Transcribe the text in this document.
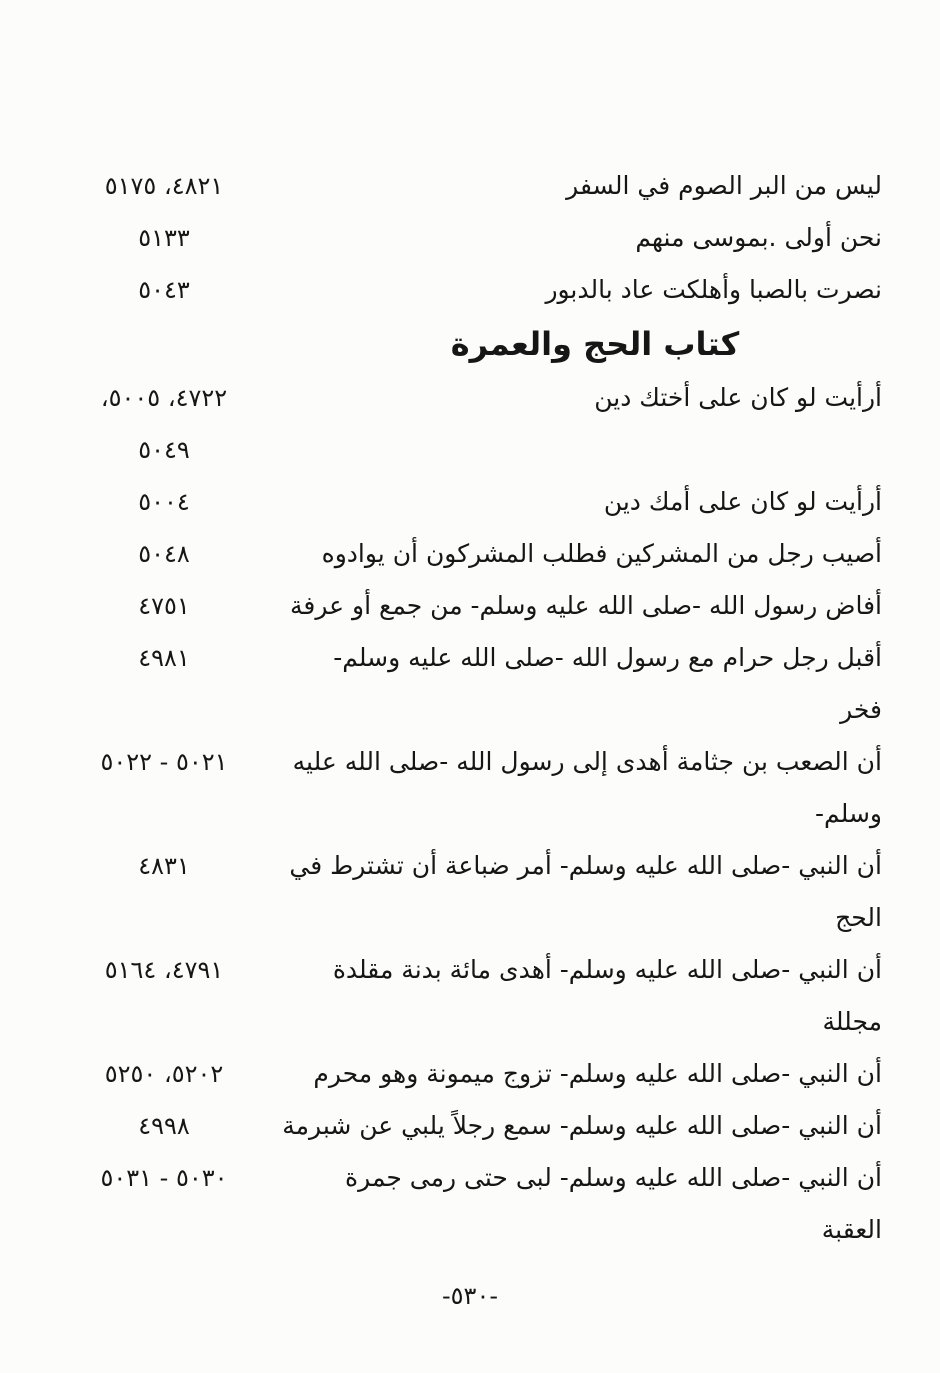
ليس من البر الصوم في السفر
٤٨٢١، ٥١٧٥
نحن أولى .بموسى منهم
٥١٣٣
نصرت بالصبا وأهلكت عاد بالدبور
٥٠٤٣
كتاب الحج والعمرة
أرأيت لو كان على أختك دين
٤٧٢٢، ٥٠٠٥،
٥٠٤٩
أرأيت لو كان على أمك دين
٥٠٠٤
أصيب رجل من المشركين فطلب المشركون أن يوادوه
٥٠٤٨
أفاض رسول الله -صلى الله عليه وسلم- من جمع أو عرفة
٤٧٥١
أقبل رجل حرام مع رسول الله -صلى الله عليه وسلم-
٤٩٨١
فخر
أن الصعب بن جثامة أهدى إلى رسول الله -صلى الله عليه
٥٠٢١ - ٥٠٢٢
وسلم-
أن النبي -صلى الله عليه وسلم- أمر ضباعة أن تشترط في
٤٨٣١
الحج
أن النبي -صلى الله عليه وسلم- أهدى مائة بدنة مقلدة
٤٧٩١، ٥١٦٤
مجللة
أن النبي -صلى الله عليه وسلم- تزوج ميمونة وهو محرم
٥٢٠٢، ٥٢٥٠
أن النبي -صلى الله عليه وسلم- سمع رجلاً يلبي عن شبرمة
٤٩٩٨
أن النبي -صلى الله عليه وسلم- لبى حتى رمى جمرة
٥٠٣٠ - ٥٠٣١
العقبة
-٥٣٠-
